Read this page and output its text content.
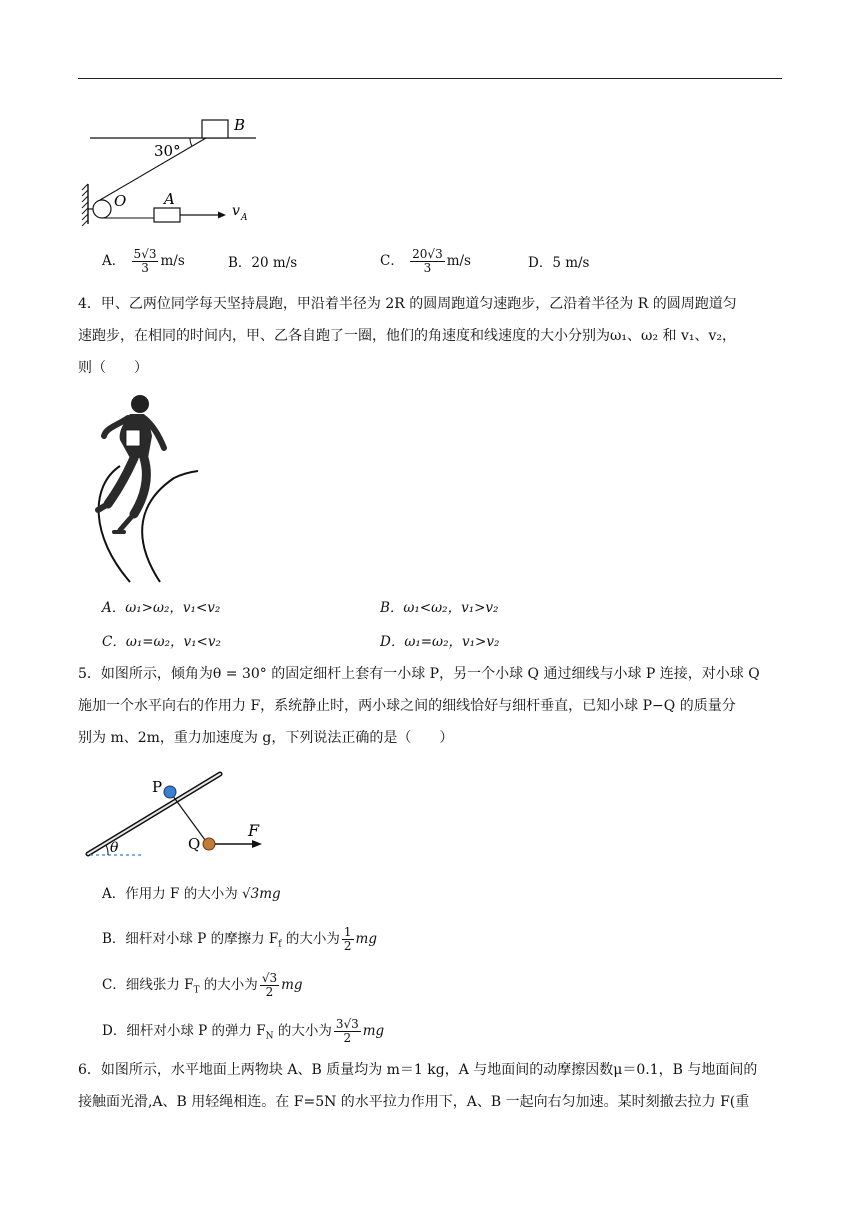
B
O
30°
A
v A
A． $\frac{5√3}{3} m/s$	B．20 m/s	C． $\frac{20√3}{3} m/s$	D．5 m/s
4．甲、乙两位同学每天坚持晨跑，甲沿着半径为 2R 的圆周跑道匀速跑步，乙沿着半径为 R 的圆周跑道匀
速跑步，在相同的时间内，甲、乙各自跑了一圈，他们的角速度和线速度的大小分别为ω₁、ω₂ 和 v₁、v₂，
则（　　）
A．ω₁>ω₂，v₁<v₂	B．ω₁<ω₂，v₁>v₂
C．ω₁=ω₂，v₁<v₂	D．ω₁=ω₂，v₁>v₂
5．如图所示，倾角为θ = 30° 的固定细杆上套有一小球 P，另一个小球 Q 通过细线与小球 P 连接，对小球 Q
施加一个水平向右的作用力 F，系统静止时，两小球之间的细线恰好与细杆垂直，已知小球 P−Q 的质量分
别为 m、2m，重力加速度为 g，下列说法正确的是（　　）
θ
P
Q
F
A．作用力 F 的大小为 √3mg
B．细杆对小球 P 的摩擦力 $F_f$ 的大小为 $\frac{1}{2}$ mg
C．细线张力 $F_T$ 的大小为 $\frac{√3}{2}$ mg
D．细杆对小球 P 的弹力 $F_N$ 的大小为 $\frac{3√3}{2}$ mg
6．如图所示，水平地面上两物块 A、B 质量均为 m＝1 kg，A 与地面间的动摩擦因数μ＝0.1，B 与地面间的
接触面光滑,A、B 用轻绳相连。在 F=5N 的水平拉力作用下，A、B 一起向右匀加速。某时刻撤去拉力 F(重
